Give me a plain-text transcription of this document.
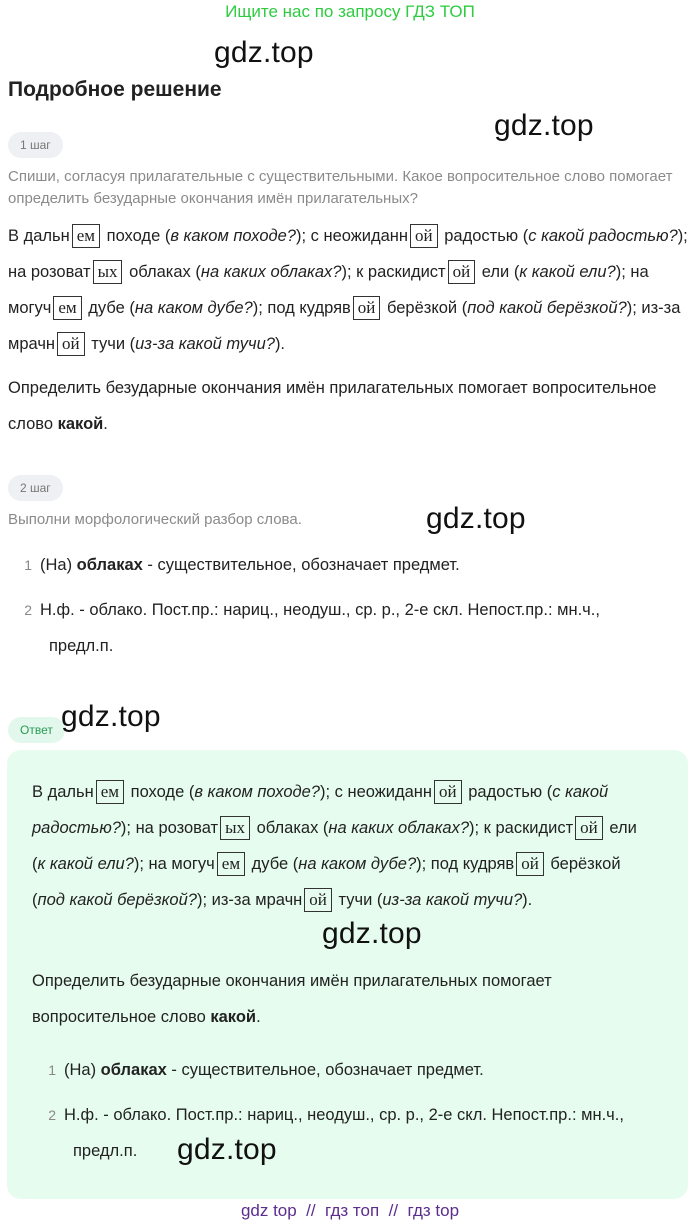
Ищите нас по запросу ГДЗ ТОП
gdz.top
gdz.top
gdz.top
Подробное решение
1 шаг
Спиши, согласуя прилагательные с существительными. Какое вопросительное слово помогает определить безударные окончания имён прилагательных?
В дальн ем походе (в каком походе?); с неожиданн ой радостью (с какой радостью?); на розоват ых облаках (на каких облаках?); к раскидист ой ели (к какой ели?); на могуч ем дубе (на каком дубе?); под кудряв ой берёзкой (под какой берёзкой?); из-за мрачн ой тучи (из-за какой тучи?).
Определить безударные окончания имён прилагательных помогает вопросительное слово какой.
2 шаг
Выполни морфологический разбор слова.
1 (На) облаках - существительное, обозначает предмет.
2 Н.ф. - облако. Пост.пр.: нариц., неодуш., ср. р., 2-е скл. Непост.пр.: мн.ч.,
предл.п.
Ответ gdz.top
В дальн ем походе (в каком походе?); с неожиданн ой радостью (с какой радостью?); на розоват ых облаках (на каких облаках?); к раскидист ой ели (к какой ели?); на могуч ем дубе (на каком дубе?); под кудряв ой берёзкой (под какой берёзкой?); из-за мрачн ой тучи (из-за какой тучи?).
gdz.top
Определить безударные окончания имён прилагательных помогает вопросительное слово какой.
1 (На) облаках - существительное, обозначает предмет.
2 Н.ф. - облако. Пост.пр.: нариц., неодуш., ср. р., 2-е скл. Непост.пр.: мн.ч.,
предл.п. gdz.top
gdz top  //  гдз топ  //  гдз top
